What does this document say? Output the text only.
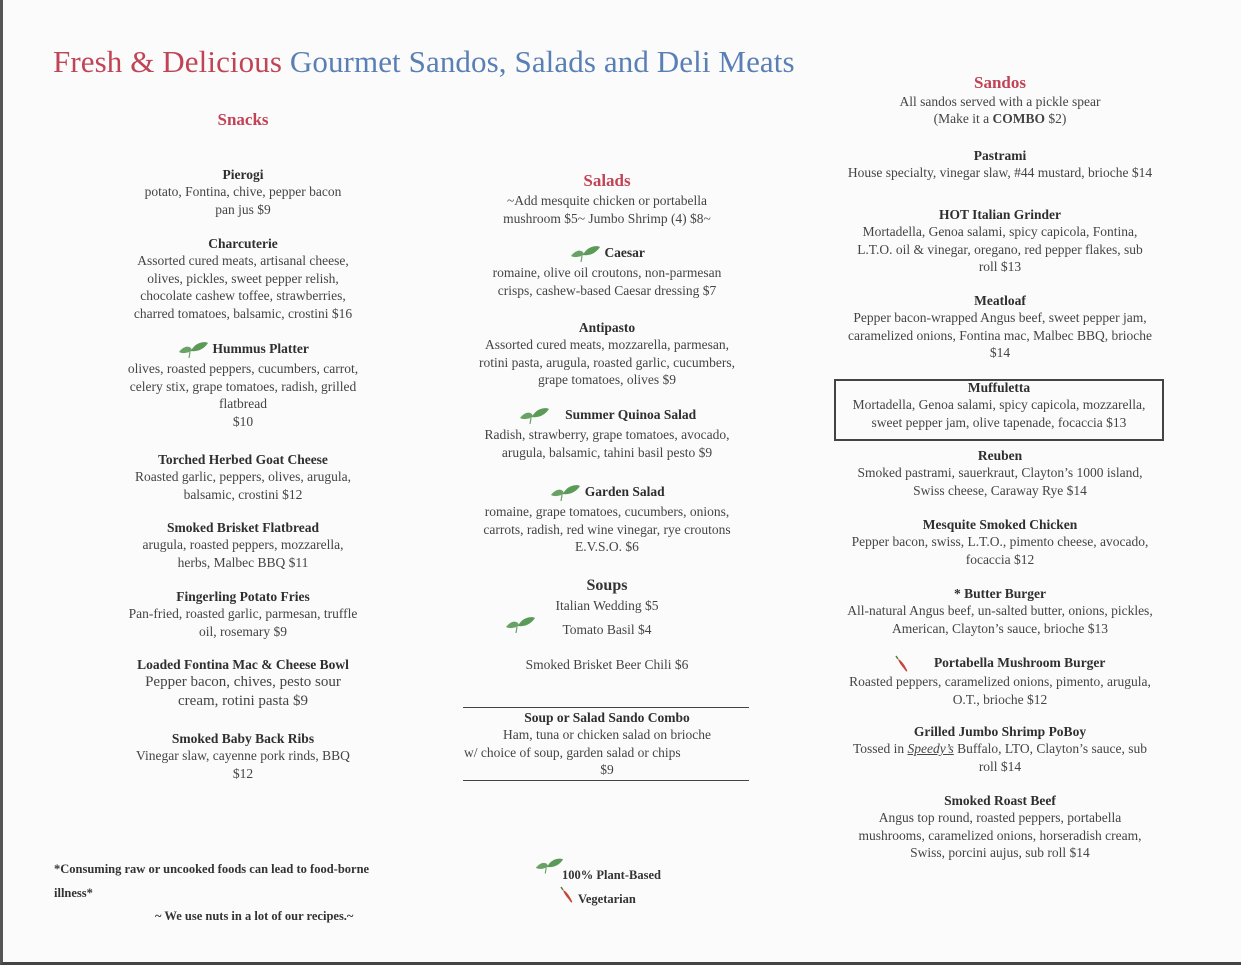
Fresh & Delicious Gourmet Sandos, Salads and Deli Meats
Snacks
Pierogi
potato, Fontina, chive, pepper bacon
pan jus $9
Charcuterie
Assorted cured meats, artisanal cheese,
olives, pickles, sweet pepper relish,
chocolate cashew toffee, strawberries,
charred tomatoes, balsamic, crostini $16
Hummus Platter
olives, roasted peppers, cucumbers, carrot,
celery stix, grape tomatoes, radish, grilled
flatbread
$10
Torched Herbed Goat Cheese
Roasted garlic, peppers, olives, arugula,
balsamic, crostini $12
Smoked Brisket Flatbread
arugula, roasted peppers, mozzarella,
herbs, Malbec BBQ $11
Fingerling Potato Fries
Pan-fried, roasted garlic, parmesan, truffle
oil, rosemary $9
Loaded Fontina Mac & Cheese Bowl
Pepper bacon, chives, pesto sour
cream, rotini pasta $9
Smoked Baby Back Ribs
Vinegar slaw, cayenne pork rinds, BBQ
$12
Salads
~Add mesquite chicken or portabella
mushroom $5~ Jumbo Shrimp (4) $8~
Caesar
romaine, olive oil croutons, non-parmesan
crisps, cashew-based Caesar dressing $7
Antipasto
Assorted cured meats, mozzarella, parmesan,
rotini pasta, arugula, roasted garlic, cucumbers,
grape tomatoes, olives $9
Summer Quinoa Salad
Radish, strawberry, grape tomatoes, avocado,
arugula, balsamic, tahini basil pesto $9
Garden Salad
romaine, grape tomatoes, cucumbers, onions,
carrots, radish, red wine vinegar, rye croutons
E.V.S.O. $6
Soups
Italian Wedding $5
Tomato Basil $4
Smoked Brisket Beer Chili $6
Soup or Salad Sando Combo
Ham, tuna or chicken salad on brioche
w/ choice of soup, garden salad or chips
$9
Sandos
All sandos served with a pickle spear
(Make it a COMBO $2)
Pastrami
House specialty, vinegar slaw, #44 mustard, brioche $14
HOT Italian Grinder
Mortadella, Genoa salami, spicy capicola, Fontina,
L.T.O. oil & vinegar, oregano, red pepper flakes, sub
roll $13
Meatloaf
Pepper bacon-wrapped Angus beef, sweet pepper jam,
caramelized onions, Fontina mac, Malbec BBQ, brioche
$14
Reuben
Smoked pastrami, sauerkraut, Clayton’s 1000 island,
Swiss cheese, Caraway Rye $14
Mesquite Smoked Chicken
Pepper bacon, swiss, L.T.O., pimento cheese, avocado,
focaccia $12
* Butter Burger
All-natural Angus beef, un-salted butter, onions, pickles,
American, Clayton’s sauce, brioche $13
Portabella Mushroom Burger
Roasted peppers, caramelized onions, pimento, arugula,
O.T., brioche $12
Grilled Jumbo Shrimp PoBoy
Tossed in Speedy’s Buffalo, LTO, Clayton’s sauce, sub
roll $14
Smoked Roast Beef
Angus top round, roasted peppers, portabella
mushrooms, caramelized onions, horseradish cream,
Swiss, porcini aujus, sub roll $14
Muffuletta
Mortadella, Genoa salami, spicy capicola, mozzarella,
sweet pepper jam, olive tapenade, focaccia $13
*Consuming raw or uncooked foods can lead to food-borne
illness*
~ We use nuts in a lot of our recipes.~
100% Plant-Based
Vegetarian
